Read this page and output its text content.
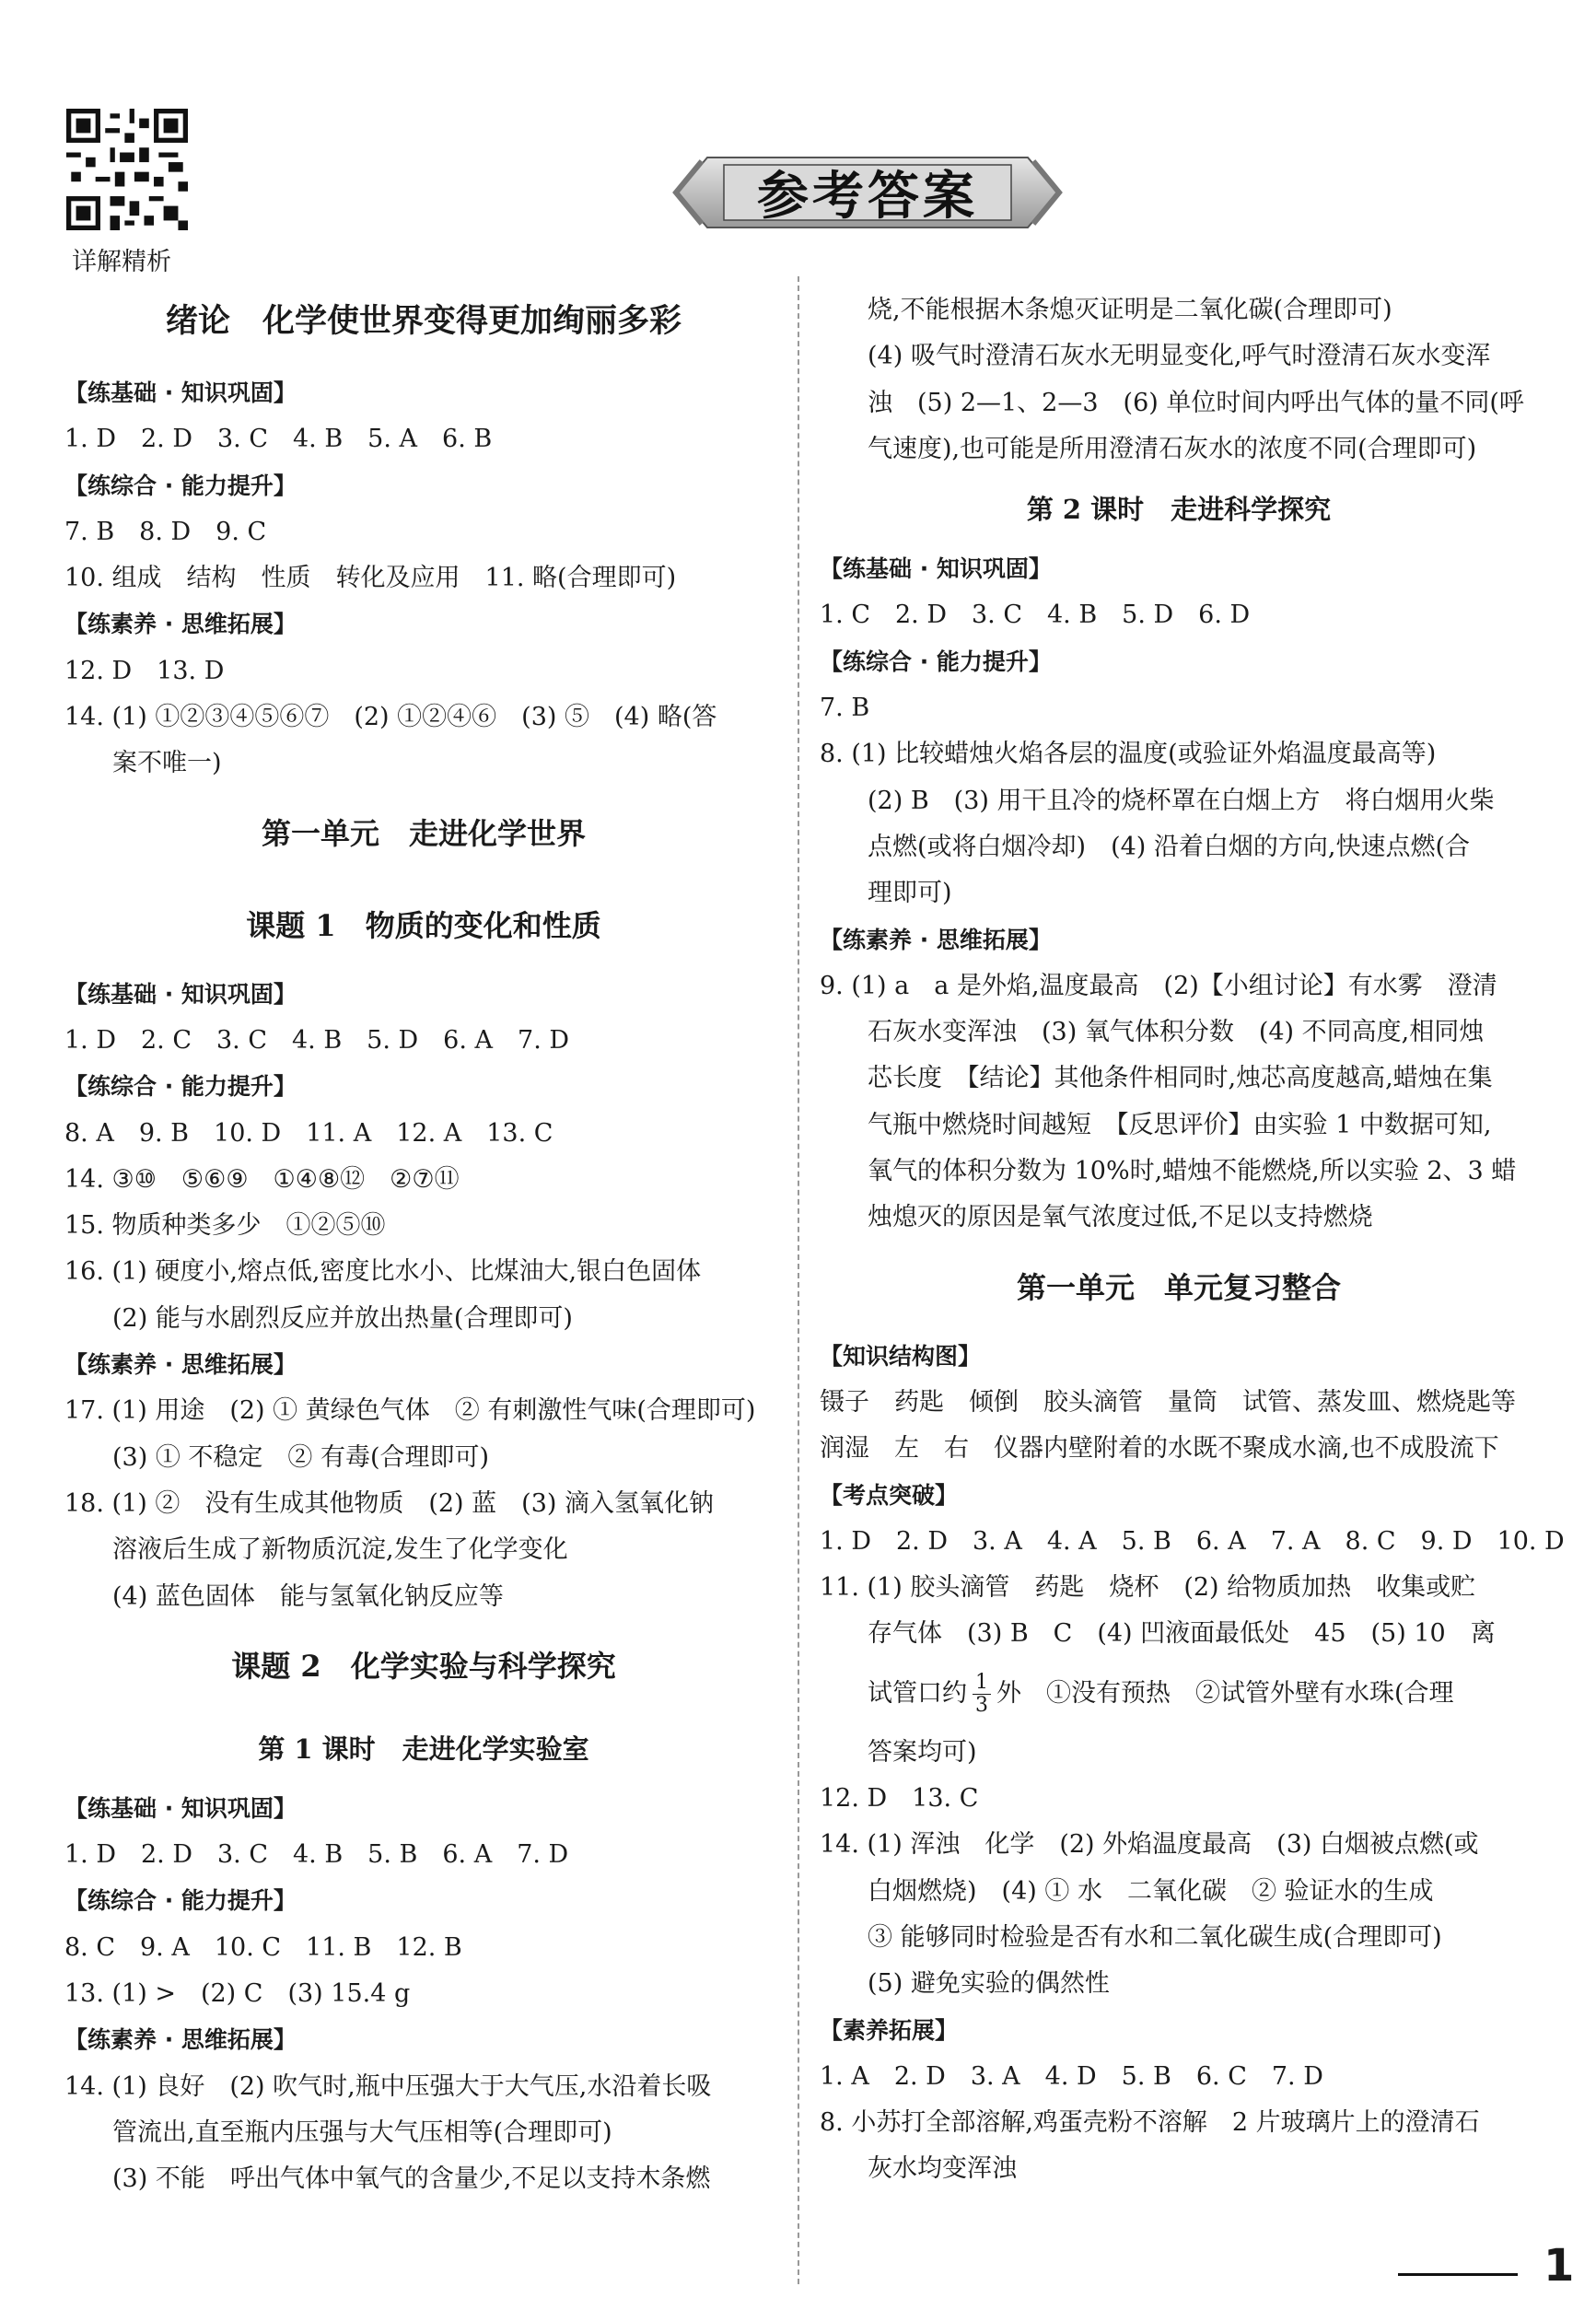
详解精析
参考答案
绪论　化学使世界变得更加绚丽多彩
【练基础 · 知识巩固】
1. D　2. D　3. C　4. B　5. A　6. B
【练综合 · 能力提升】
7. B　8. D　9. C
10. 组成　结构　性质　转化及应用　11. 略(合理即可)
【练素养 · 思维拓展】
12. D　13. D
14. (1) ①②③④⑤⑥⑦　(2) ①②④⑥　(3) ⑤　(4) 略(答
案不唯一)
第一单元　走进化学世界
课题 1　物质的变化和性质
【练基础 · 知识巩固】
1. D　2. C　3. C　4. B　5. D　6. A　7. D
【练综合 · 能力提升】
8. A　9. B　10. D　11. A　12. A　13. C
14. ③⑩　⑤⑥⑨　①④⑧⑫　②⑦⑪
15. 物质种类多少　①②⑤⑩
16. (1) 硬度小,熔点低,密度比水小、比煤油大,银白色固体
(2) 能与水剧烈反应并放出热量(合理即可)
【练素养 · 思维拓展】
17. (1) 用途　(2) ① 黄绿色气体　② 有刺激性气味(合理即可)
(3) ① 不稳定　② 有毒(合理即可)
18. (1) ②　没有生成其他物质　(2) 蓝　(3) 滴入氢氧化钠
溶液后生成了新物质沉淀,发生了化学变化
(4) 蓝色固体　能与氢氧化钠反应等
课题 2　化学实验与科学探究
第 1 课时　走进化学实验室
【练基础 · 知识巩固】
1. D　2. D　3. C　4. B　5. B　6. A　7. D
【练综合 · 能力提升】
8. C　9. A　10. C　11. B　12. B
13. (1) >　(2) C　(3) 15.4 g
【练素养 · 思维拓展】
14. (1) 良好　(2) 吹气时,瓶中压强大于大气压,水沿着长吸
管流出,直至瓶内压强与大气压相等(合理即可)
(3) 不能　呼出气体中氧气的含量少,不足以支持木条燃
烧,不能根据木条熄灭证明是二氧化碳(合理即可)
(4) 吸气时澄清石灰水无明显变化,呼气时澄清石灰水变浑
浊　(5) 2—1、2—3　(6) 单位时间内呼出气体的量不同(呼
气速度),也可能是所用澄清石灰水的浓度不同(合理即可)
第 2 课时　走进科学探究
【练基础 · 知识巩固】
1. C　2. D　3. C　4. B　5. D　6. D
【练综合 · 能力提升】
7. B
8. (1) 比较蜡烛火焰各层的温度(或验证外焰温度最高等)
(2) B　(3) 用干且冷的烧杯罩在白烟上方　将白烟用火柴
点燃(或将白烟冷却)　(4) 沿着白烟的方向,快速点燃(合
理即可)
【练素养 · 思维拓展】
9. (1) a　a 是外焰,温度最高　(2)【小组讨论】有水雾　澄清
石灰水变浑浊　(3) 氧气体积分数　(4) 不同高度,相同烛
芯长度　【结论】其他条件相同时,烛芯高度越高,蜡烛在集
气瓶中燃烧时间越短　【反思评价】由实验 1 中数据可知,
氧气的体积分数为 10%时,蜡烛不能燃烧,所以实验 2、3 蜡
烛熄灭的原因是氧气浓度过低,不足以支持燃烧
第一单元　单元复习整合
【知识结构图】
镊子　药匙　倾倒　胶头滴管　量筒　试管、蒸发皿、燃烧匙等
润湿　左　右　仪器内壁附着的水既不聚成水滴,也不成股流下
【考点突破】
1. D　2. D　3. A　4. A　5. B　6. A　7. A　8. C　9. D　10. D
11. (1) 胶头滴管　药匙　烧杯　(2) 给物质加热　收集或贮
存气体　(3) B　C　(4) 凹液面最低处　45　(5) 10　离
试管口约 $\frac{1}{3}$ 外　①没有预热　②试管外壁有水珠(合理
答案均可)
12. D　13. C
14. (1) 浑浊　化学　(2) 外焰温度最高　(3) 白烟被点燃(或
白烟燃烧)　(4) ① 水　二氧化碳　② 验证水的生成
③ 能够同时检验是否有水和二氧化碳生成(合理即可)
(5) 避免实验的偶然性
【素养拓展】
1. A　2. D　3. A　4. D　5. B　6. C　7. D
8. 小苏打全部溶解,鸡蛋壳粉不溶解　2 片玻璃片上的澄清石
灰水均变浑浊
1
